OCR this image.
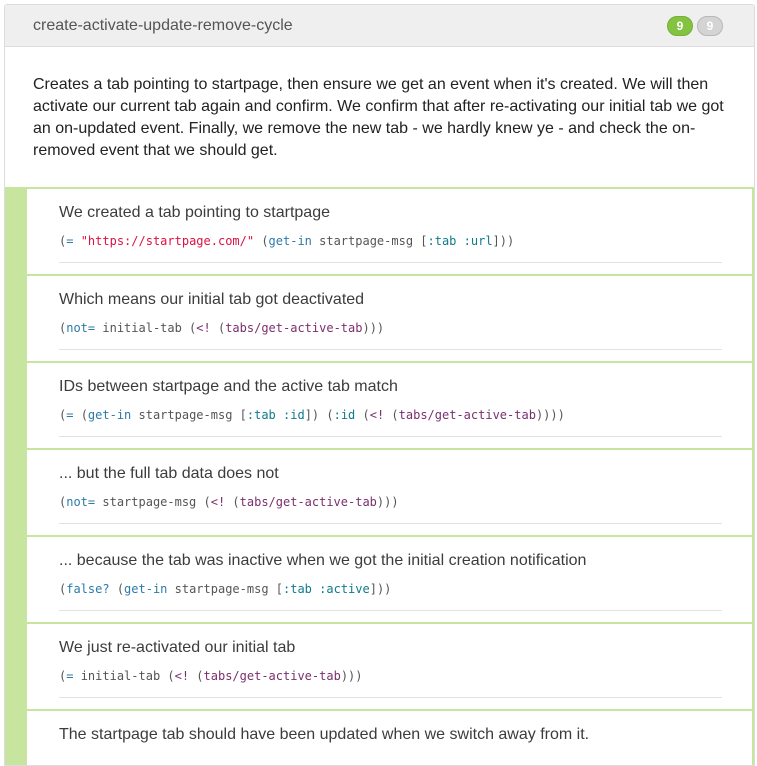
create-activate-update-remove-cycle	9	9
Creates a tab pointing to startpage, then ensure we get an event when it's created. We will then activate our current tab again and confirm. We confirm that after re-activating our initial tab we got an on-updated event. Finally, we remove the new tab - we hardly knew ye - and check the on-removed event that we should get.
We created a tab pointing to startpage
(= "https://startpage.com/" (get-in startpage-msg [:tab :url]))
Which means our initial tab got deactivated
(not= initial-tab (<! (tabs/get-active-tab)))
IDs between startpage and the active tab match
(= (get-in startpage-msg [:tab :id]) (:id (<! (tabs/get-active-tab))))
... but the full tab data does not
(not= startpage-msg (<! (tabs/get-active-tab)))
... because the tab was inactive when we got the initial creation notification
(false? (get-in startpage-msg [:tab :active]))
We just re-activated our initial tab
(= initial-tab (<! (tabs/get-active-tab)))
The startpage tab should have been updated when we switch away from it.
